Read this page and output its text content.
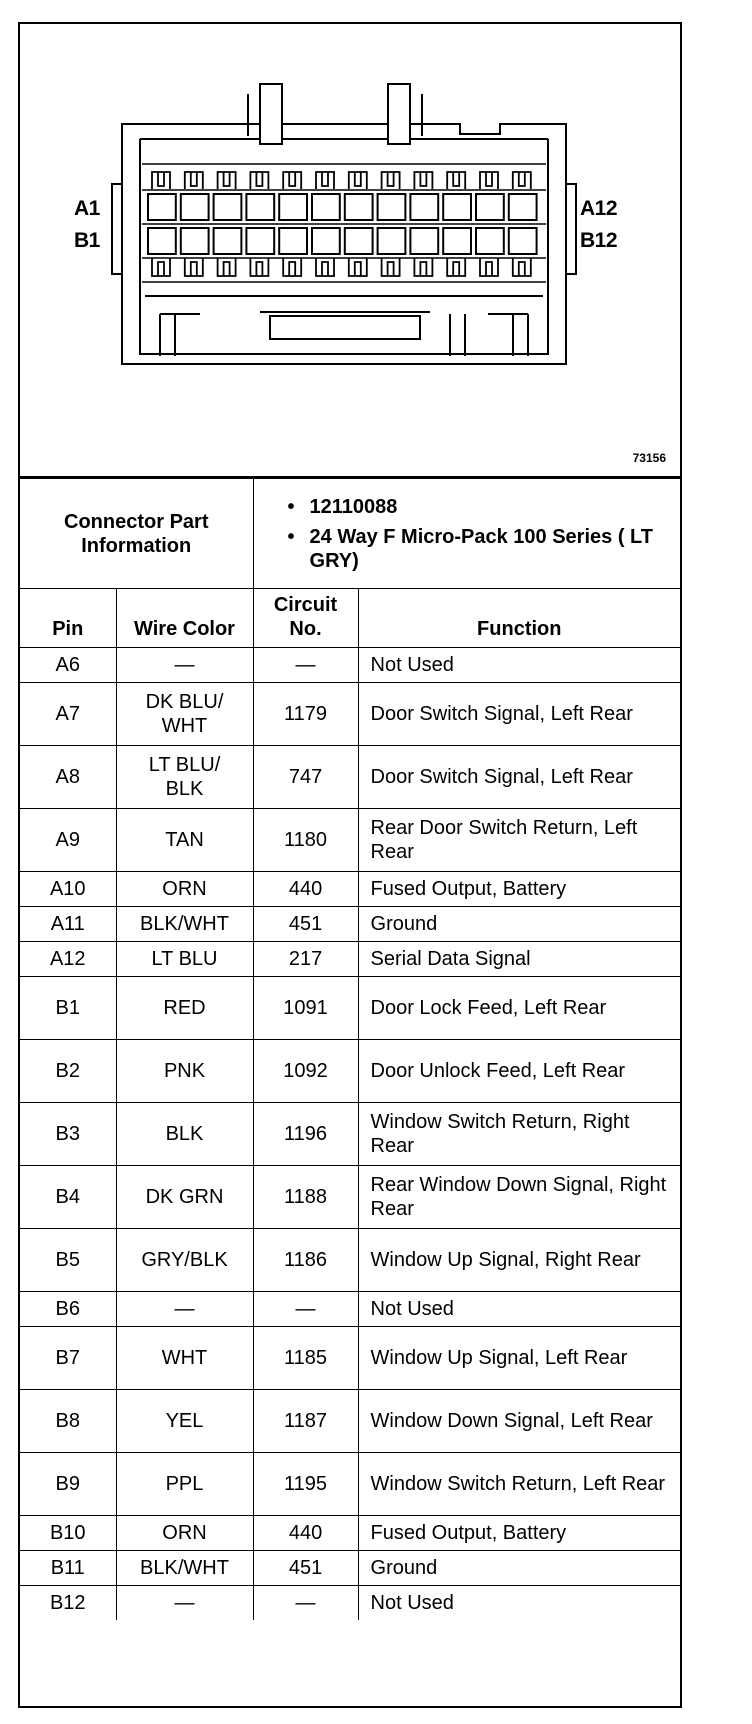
A1
B1
A12
B12
73156
Connector Part Information		• 12110088
• 24 Way F Micro-Pack 100 Series ( LT GRY)

Pin	Wire Color	Circuit No.	Function
A6	—	—	Not Used
A7	DK BLU/ WHT	1179	Door Switch Signal, Left Rear
A8	LT BLU/ BLK	747	Door Switch Signal, Left Rear
A9	TAN	1180	Rear Door Switch Return, Left Rear
A10	ORN	440	Fused Output, Battery
A11	BLK/WHT	451	Ground
A12	LT BLU	217	Serial Data Signal
B1	RED	1091	Door Lock Feed, Left Rear
B2	PNK	1092	Door Unlock Feed, Left Rear
B3	BLK	1196	Window Switch Return, Right Rear
B4	DK GRN	1188	Rear Window Down Signal, Right Rear
B5	GRY/BLK	1186	Window Up Signal, Right Rear
B6	—	—	Not Used
B7	WHT	1185	Window Up Signal, Left Rear
B8	YEL	1187	Window Down Signal, Left Rear
B9	PPL	1195	Window Switch Return, Left Rear
B10	ORN	440	Fused Output, Battery
B11	BLK/WHT	451	Ground
B12	—	—	Not Used
